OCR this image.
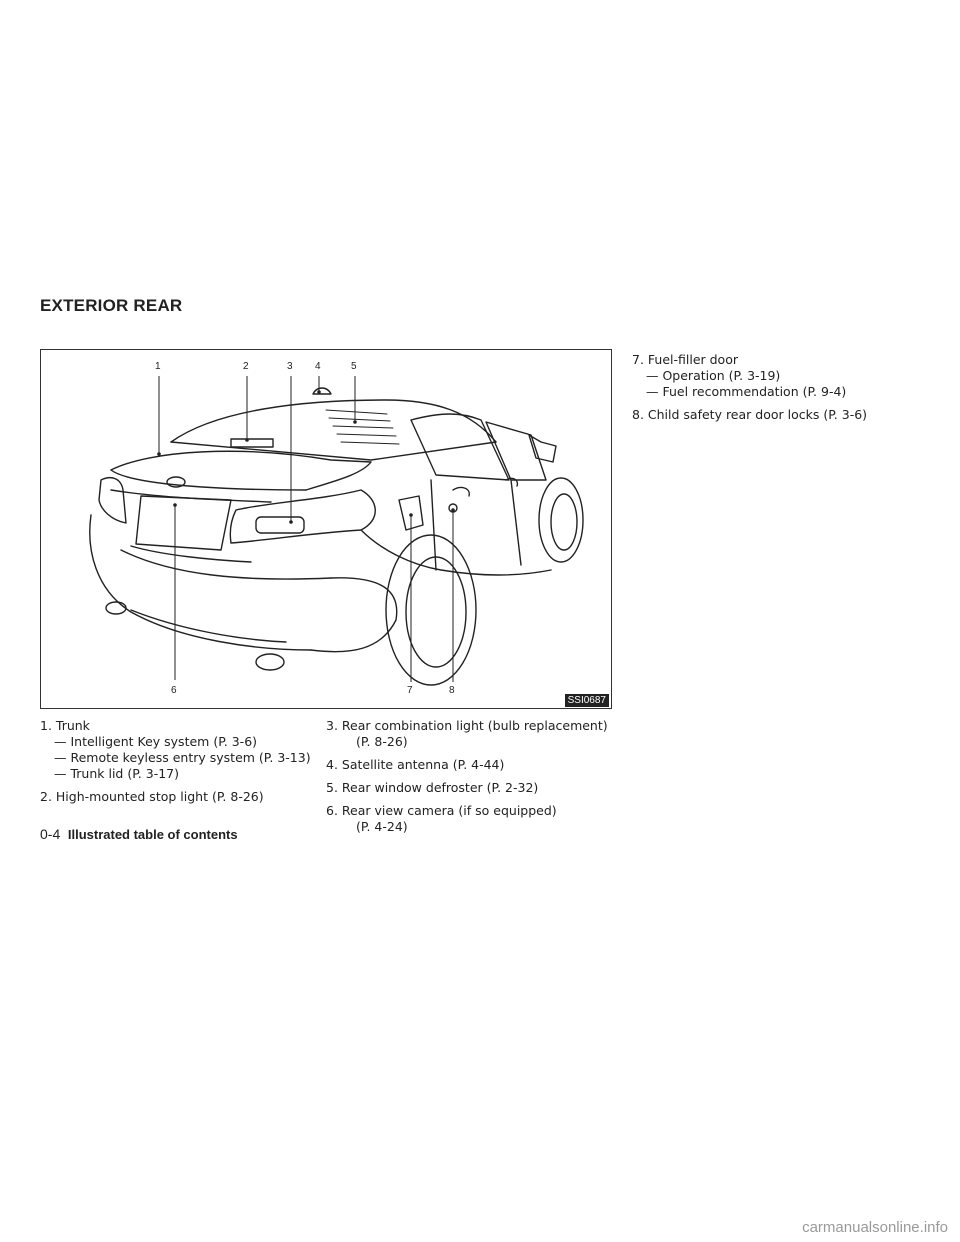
EXTERIOR REAR
1	2	3 4	5
6	7	8
SSI0687
1. Trunk
— Intelligent Key system (P. 3-6)
— Remote keyless entry system (P. 3-13)
— Trunk lid (P. 3-17)
2. High-mounted stop light (P. 8-26)
3. Rear combination light (bulb replacement)
(P. 8-26)
4. Satellite antenna (P. 4-44)
5. Rear window defroster (P. 2-32)
6. Rear view camera (if so equipped)
(P. 4-24)
7. Fuel-filler door
— Operation (P. 3-19)
— Fuel recommendation (P. 9-4)
8. Child safety rear door locks (P. 3-6)
0-4 Illustrated table of contents
carmanualsonline.info
